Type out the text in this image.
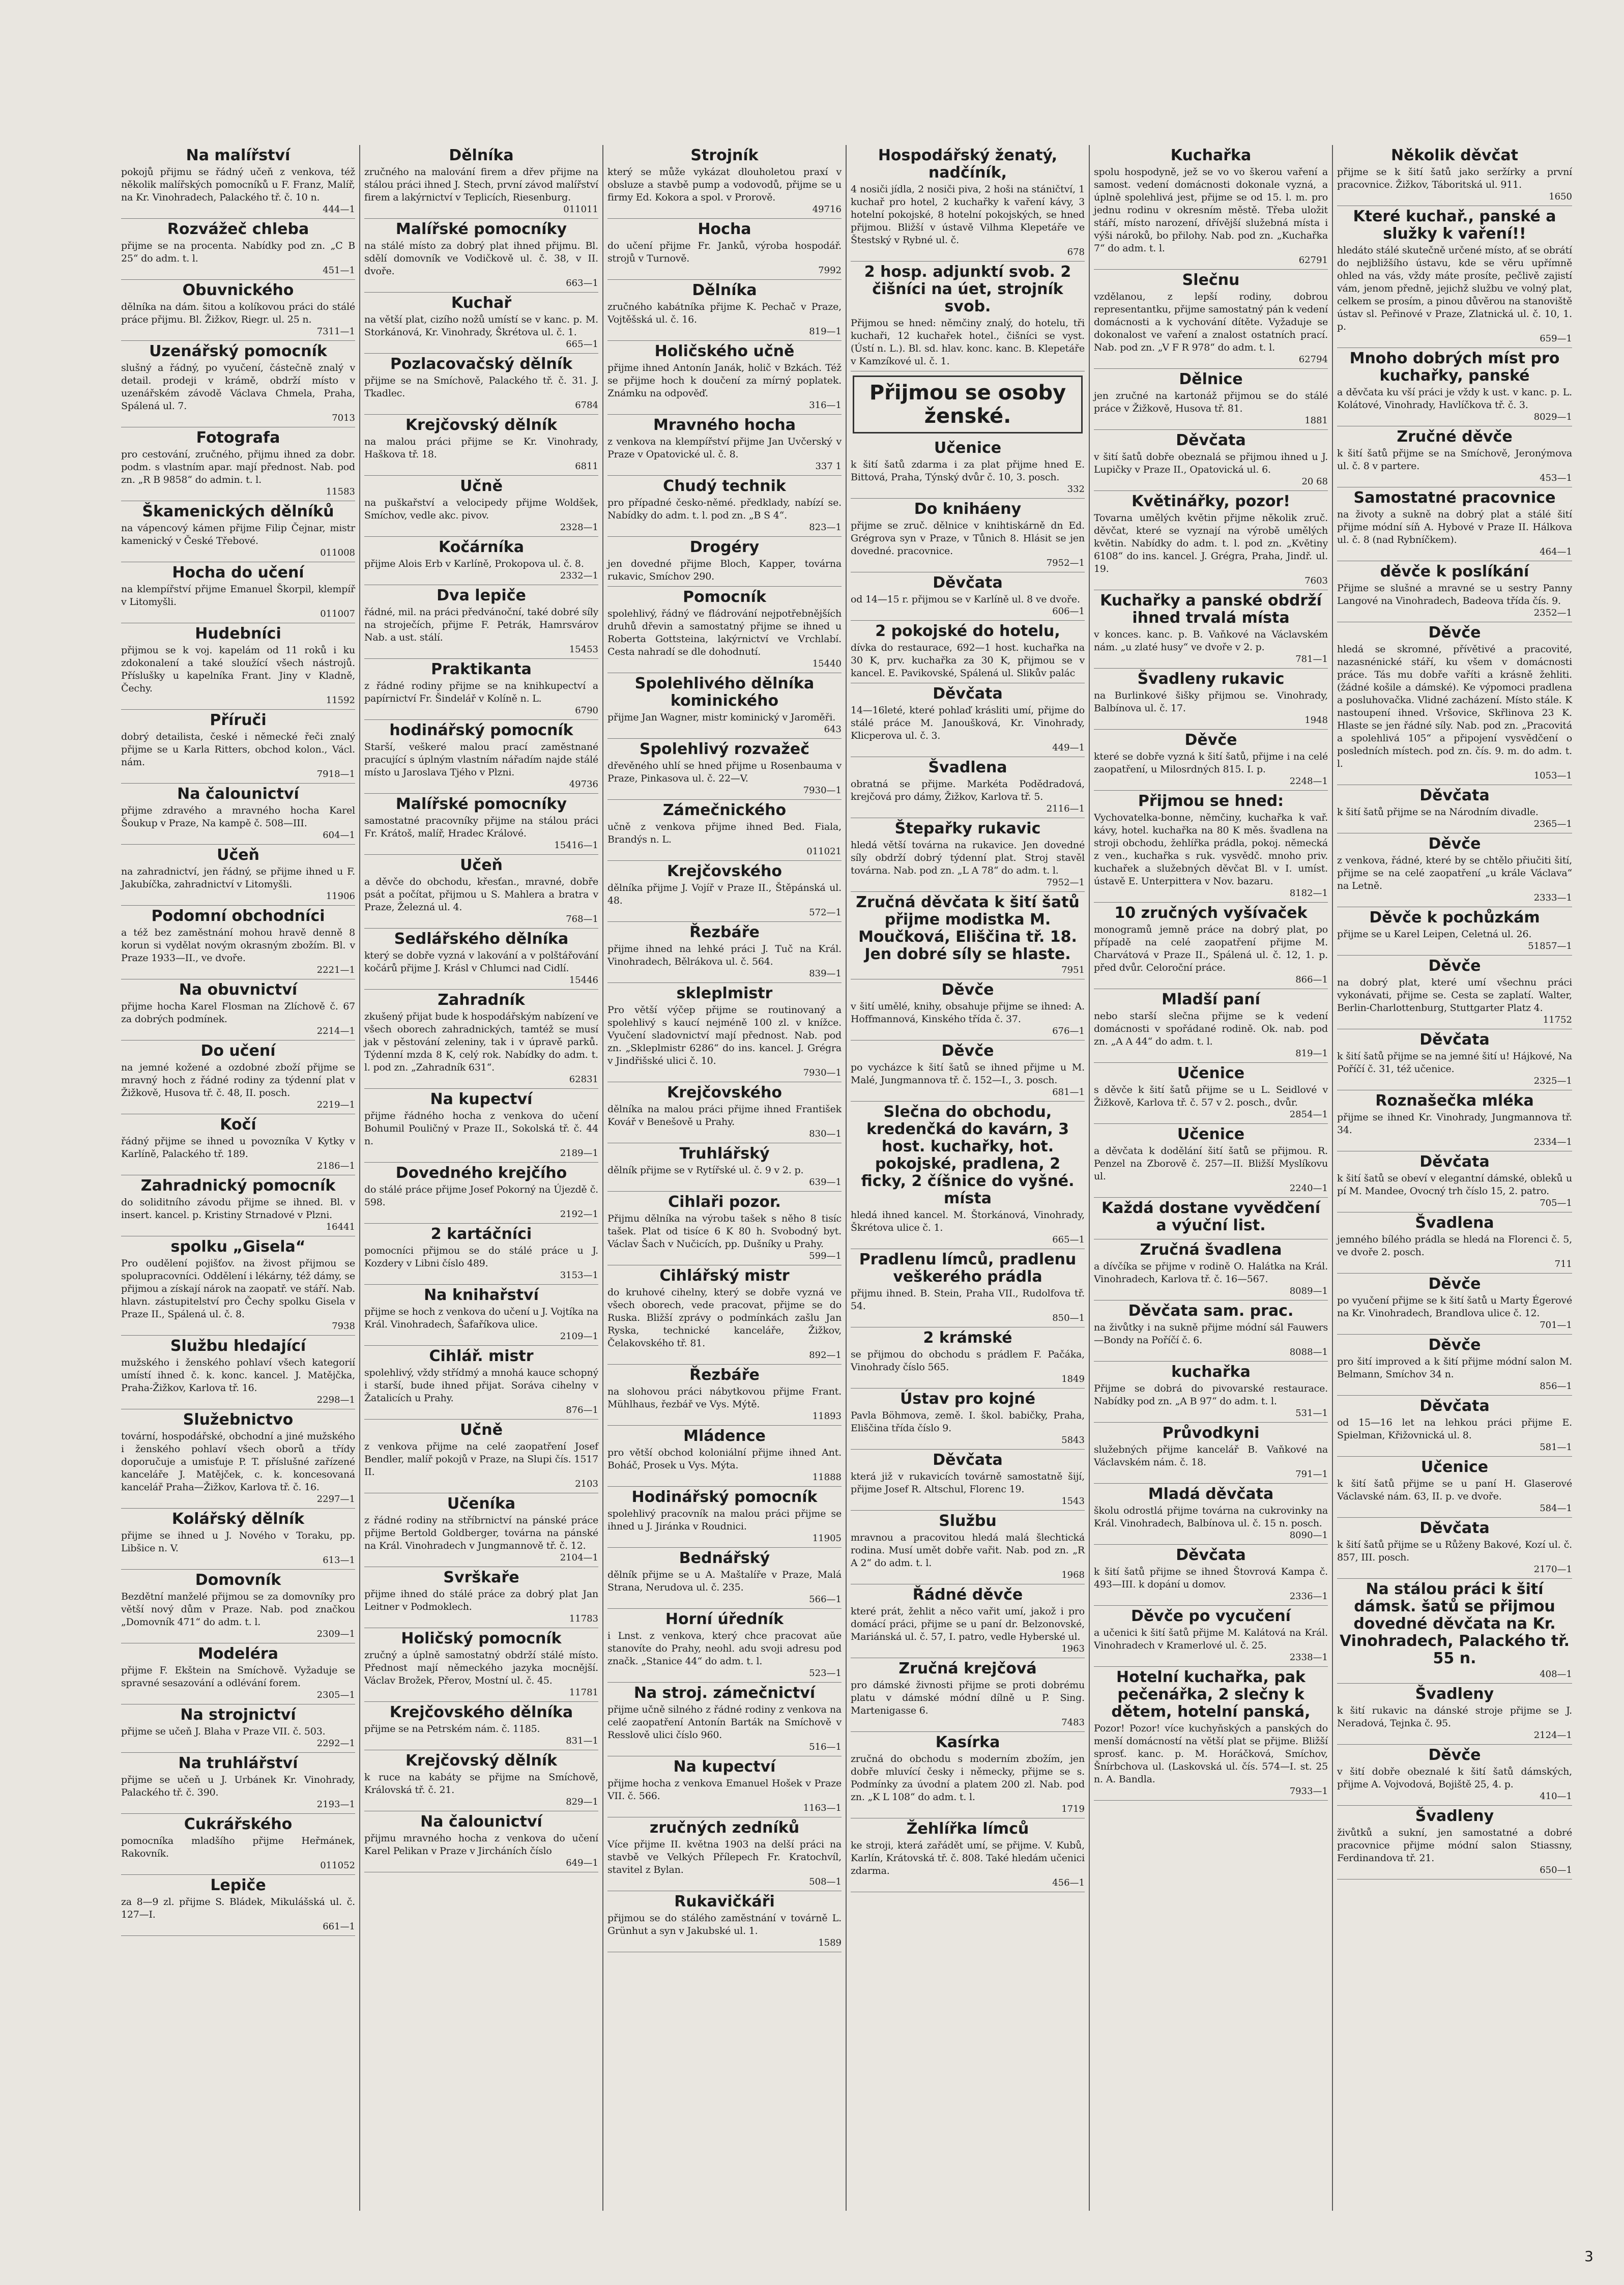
Na malířství

pokojů přijmu se řádný učeň z venkova, též několik malířských pomocníků u F. Franz, Malíř, na Kr. Vinohradech, Palackého tř. č. 10 n.

444—1

Rozvážeč chleba

přijme se na procenta. Nabídky pod zn. „C B 25“ do adm. t. l.

451—1

Obuvnického

dělníka na dám. šitou a kolíkovou práci do stálé práce přijmu. Bl. Žižkov, Riegr. ul. 25 n.

7311—1

Uzenářský pomocník

slušný a řádný, po vyučení, částečně znalý v detail. prodeji v krámě, obdrží místo v uzenářském závodě Václava Chmela, Praha, Spálená ul. 7.

7013

Fotografa

pro cestování, zručného, přijmu ihned za dobr. podm. s vlastním apar. mají přednost. Nab. pod zn. „R B 9858“ do admin. t. l.

11583

Škamenických dělníků

na vápencový kámen přijme Filip Čejnar, mistr kamenický v České Třebové.

011008

Hocha do učení

na klempířství přijme Emanuel Škorpil, klempíř v Litomyšli.

011007

Hudebníci

přijmou se k voj. kapelám od 11 roků i ku zdokonalení a také sloužící všech nástrojů. Příslušky u kapelníka Frant. Jiny v Kladně, Čechy.

11592

Příruči

dobrý detailista, české i německé řeči znalý přijme se u Karla Ritters, obchod kolon., Václ. nám.

7918—1

Na čalounictví

přijme zdravého a mravného hocha Karel Šoukup v Praze, Na kampě č. 508—III.

604—1

Učeň

na zahradnictví, jen řádný, se přijme ihned u F. Jakubíčka, zahradnictví v Litomyšli.

11906

Podomní obchodníci

a též bez zaměstnání mohou hravě denně 8 korun si vydělat novým okrasným zbožím. Bl. v Praze 1933—II., ve dvoře.

2221—1

Na obuvnictví

přijme hocha Karel Flosman na Zlíchově č. 67 za dobrých podmínek.

2214—1

Do učení

na jemné kožené a ozdobné zboží přijme se mravný hoch z řádné rodiny za týdenní plat v Žižkově, Husova tř. č. 48, II. posch.

2219—1

Kočí

řádný přijme se ihned u povozníka V Kytky v Karlíně, Palackého tř. 189.

2186—1

Zahradnický pomocník

do soliditního závodu přijme se ihned. Bl. v insert. kancel. p. Kristiny Strnadové v Plzni.

16441

spolku „Gisela“

Pro oudělení pojišťov. na živost přijmou se spolupracovníci. Oddělení i lékárny, též dámy, se přijmou a získají nárok na zaopatř. ve stáří. Nab. hlavn. zástupitelství pro Čechy spolku Gisela v Praze II., Spálená ul. č. 8.

7938

Službu hledající

mužského i ženského pohlaví všech kategorií umístí ihned č. k. konc. kancel. J. Matějčka, Praha-Žižkov, Karlova tř. 16.

2298—1

Služebnictvo

tovární, hospodářské, obchodní a jiné mužského i ženského pohlaví všech oborů a třídy doporučuje a umisťuje P. T. příslušné zařízené kanceláře J. Matějček, c. k. koncesovaná kancelář Praha—Žižkov, Karlova tř. č. 16.

2297—1

Kolářský dělník

přijme se ihned u J. Nového v Toraku, pp. Libšice n. V.

613—1

Domovník

Bezdětní manželé přijmou se za domovníky pro větší nový dům v Praze. Nab. pod značkou „Domovník 471“ do adm. t. l.

2309—1

Modeléra

přijme F. Ekštein na Smíchově. Vyžaduje se spravné sesazování a odlévání forem.

2305—1

Na strojnictví

přijme se učeň J. Blaha v Praze VII. č. 503.

2292—1

Na truhlářství

přijme se učeň u J. Urbánek Kr. Vinohrady, Palackého tř. č. 390.

2193—1

Cukrářského

pomocníka mladšího přijme Heřmánek, Rakovník.

011052

Lepiče

za 8—9 zl. přijme S. Bládek, Mikulášská ul. č. 127—I.

661—1

Dělníka

zručného na malování firem a dřev přijme na stálou práci ihned J. Stech, první závod malířství firem a lakýrnictví v Teplicích, Riesenburg.

011011

Malířské pomocníky

na stálé místo za dobrý plat ihned přijmu. Bl. sdělí domovník ve Vodičkově ul. č. 38, v II. dvoře.

663—1

Kuchař

na větší plat, cizího nožů umístí se v kanc. p. M. Storkánová, Kr. Vinohrady, Škrétova ul. č. 1.

665—1

Pozlacovačský dělník

přijme se na Smíchově, Palackého tř. č. 31. J. Tkadlec.

6784

Krejčovský dělník

na malou práci přijme se Kr. Vinohrady, Haškova tř. 18.

6811

Učně

na puškařství a velocipedy přijme Woldšek, Smíchov, vedle akc. pivov.

2328—1

Kočárníka

přijme Alois Erb v Karlíně, Prokopova ul. č. 8.

2332—1

Dva lepiče

řádné, mil. na práci předvánoční, také dobré síly na stroječích, přijme F. Petrák, Hamrsvárov Nab. a ust. stálí.

15453

Praktikanta

z řádné rodiny přijme se na knihkupectví a papírnictví Fr. Šindelář v Kolíně n. L.

6790

hodinářský pomocník

Starší, veškeré malou prací zaměstnané pracující s úplným vlastním nářadím najde stálé místo u Jaroslava Tjého v Plzni.

49736

Malířské pomocníky

samostatné pracovníky přijme na stálou práci Fr. Krátoš, malíř, Hradec Králové.

15416—1

Učeň

a děvče do obchodu, křesťan., mravné, dobře psát a počítat, přijmou u S. Mahlera a bratra v Praze, Železná ul. 4.

768—1

Sedlářského dělníka

který se dobře vyzná v lakování a v polštářování kočárů přijme J. Krásl v Chlumci nad Cidlí.

15446

Zahradník

zkušený přijat bude k hospodářským nabízení ve všech oborech zahradnických, tamtéž se musí jak v pěstování zeleniny, tak i v úpravě parků. Týdenní mzda 8 K, celý rok. Nabídky do adm. t. l. pod zn. „Zahradník 631“.

62831

Na kupectví

přijme řádného hocha z venkova do učení Bohumil Pouličný v Praze II., Sokolská tř. č. 44 n.

2189—1

Dovedného krejčího

do stálé práce přijme Josef Pokorný na Újezdě č. 598.

2192—1

2 kartáčníci

pomocníci přijmou se do stálé práce u J. Kozdery v Libni číslo 489.

3153—1

Na knihařství

přijme se hoch z venkova do učení u J. Vojtíka na Král. Vinohradech, Šafaříkova ulice.

2109—1

Cihlář. mistr

spolehlivý, vždy střídmý a mnohá kauce schopný i starší, bude ihned přijat. Soráva cihelny v Žatalicích u Prahy.

876—1

Učně

z venkova přijme na celé zaopatření Josef Bendler, malíř pokojů v Praze, na Slupi čís. 1517 II.

2103

Učeníka

z řádné rodiny na stříbrnictví na pánské práce přijme Bertold Goldberger, továrna na pánské na Král. Vinohradech v Jungmannově tř. č. 12.

2104—1

Svrškaře

přijme ihned do stálé práce za dobrý plat Jan Leitner v Podmoklech.

11783

Holičský pomocník

zručný a úplně samostatný obdrží stálé místo. Přednost mají německého jazyka mocnější. Václav Brožek, Přerov, Mostní ul. č. 45.

11781

Krejčovského dělníka

přijme se na Petrském nám. č. 1185.

831—1

Krejčovský dělník

k ruce na kabáty se přijme na Smíchově, Královská tř. č. 21.

829—1

Na čalounictví

přijmu mravného hocha z venkova do učení Karel Pelikan v Praze v Jircháních číslo

649—1

Strojník

který se může vykázat dlouholetou praxí v obsluze a stavbě pump a vodovodů, přijme se u firmy Ed. Kokora a spol. v Prorově.

49716

Hocha

do učení přijme Fr. Janků, výroba hospodář. strojů v Turnově.

7992

Dělníka

zručného kabátníka přijme K. Pechač v Praze, Vojtěšská ul. č. 16.

819—1

Holičského učně

přijme ihned Antonín Janák, holič v Bzkách. Též se přijme hoch k doučení za mírný poplatek. Známku na odpověď.

316—1

Mravného hocha

z venkova na klempířství přijme Jan Uvčerský v Praze v Opatovické ul. č. 8.

337 1

Chudý technik

pro případné česko-němé. předklady, nabízí se. Nabídky do adm. t. l. pod zn. „B S 4“.

823—1

Drogéry

jen dovedné přijme Bloch, Kapper, továrna rukavic, Smíchov 290.

Pomocník

spolehlivý, řádný ve fládrování nejpotřebnějších druhů dřevin a samostatný přijme se ihned u Roberta Gottsteina, lakýrnictví ve Vrchlabí. Cesta nahradí se dle dohodnutí.

15440

Spolehlivého dělníka kominického

přijme Jan Wagner, mistr kominický v Jaroměři.

643

Spolehlivý rozvažeč

dřevěného uhlí se hned přijme u Rosenbauma v Praze, Pinkasova ul. č. 22—V.

7930—1

Zámečnického

učně z venkova přijme ihned Bed. Fiala, Brandýs n. L.

011021

Krejčovského

dělníka přijme J. Vojíř v Praze II., Štěpánská ul. 48.

572—1

Řezbáře

přijme ihned na lehké práci J. Tuč na Král. Vinohradech, Bělrákova ul. č. 564.

839—1

skleplmistr

Pro větší výčep přijme se routinovaný a spolehlivý s kaucí nejméně 100 zl. v knížce. Vyučení sladovnictví mají přednost. Nab. pod zn. „Skleplmistr 6286“ do ins. kancel. J. Grégra v Jindřišské ulici č. 10.

7930—1

Krejčovského

dělníka na malou práci přijme ihned František Kovář v Benešově u Prahy.

830—1

Truhlářský

dělník přijme se v Rytířské ul. č. 9 v 2. p.

639—1

Cihlaři pozor.

Přijmu dělníka na výrobu tašek s něho 8 tisíc tašek. Plat od tisíce 6 K 80 h. Svobodný byt. Václav Šach v Nučicích, pp. Dušníky u Prahy.

599—1

Cihlářský mistr

do kruhové cihelny, který se dobře vyzná ve všech oborech, vede pracovat, přijme se do Ruska. Bližší zprávy o podmínkách zašlu Jan Ryska, technické kanceláře, Žižkov, Čelakovského tř. 81.

892—1

Řezbáře

na slohovou práci nábytkovou přijme Frant. Mühlhaus, řezbář ve Vys. Mýtě.

11893

Mládence

pro větší obchod koloniální přijme ihned Ant. Boháč, Prosek u Vys. Mýta.

11888

Hodinářský pomocník

spolehlivý pracovník na malou práci přijme se ihned u J. Jiránka v Roudnici.

11905

Bednářský

dělník přijme se u A. Maštalíře v Praze, Malá Strana, Nerudova ul. č. 235.

566—1

Horní úředník

i Lnst. z venkova, který chce pracovat aŭe stanovíte do Prahy, neohl. adu svoji adresu pod značk. „Stanice 44“ do adm. t. l.

523—1

Na stroj. zámečnictví

přijme učně silného z řádné rodiny z venkova na celé zaopatření Antonín Barták na Smíchově v Resslově ulici číslo 960.

516—1

Na kupectví

přijme hocha z venkova Emanuel Hošek v Praze VII. č. 566.

1163—1

zručných zedníků

Více přijme II. května 1903 na delší práci na stavbě ve Velkých Přílepech Fr. Kratochvíl, stavitel z Bylan.

508—1

Rukavičkáři

přijmou se do stálého zaměstnání v továrně L. Grünhut a syn v Jakubské ul. 1.

1589

Hospodářský ženatý, nadčíník,

4 nosiči jídla, 2 nosiči piva, 2 hoši na stáničtví, 1 kuchař pro hotel, 2 kuchařky k vaření kávy, 3 hotelní pokojské, 8 hotelní pokojských, se hned přijmou. Bližší v ústavě Vilhma Klepetáře ve Štestský v Rybné ul. č.

678

2 hosp. adjunktí svob. 2 čišníci na úet, strojník svob.

Přijmou se hned: němčiny znalý, do hotelu, tři kuchaři, 12 kuchařek hotel., čišníci se vyst. (Ústí n. L.). Bl. sd. hlav. konc. kanc. B. Klepetáře v Kamzíkové ul. č. 1.

Přijmou se osoby ženské.
Učenice

k šití šatů zdarma i za plat přijme hned E. Bittová, Praha, Týnský dvůr č. 10, 3. posch.

332

Do kniháeny

přijme se zruč. dělnice v knihtiskárně dn Ed. Grégrova syn v Praze, v Tůnich 8. Hlásit se jen dovedné. pracovnice.

7952—1

Děvčata

od 14—15 r. přijmou se v Karlíně ul. 8 ve dvoře.

606—1

2 pokojské do hotelu,

dívka do restaurace, 692—1 host. kuchařka na 30 K, prv. kuchařka za 30 K, přijmou se v kancel. E. Pavikovské, Spálená ul. Slikův palác

Děvčata

14—16leté, které pohlaď krásliti umí, přijme do stálé práce M. Janoušková, Kr. Vinohrady, Klicperova ul. č. 3.

449—1

Švadlena

obratná se přijme. Markéta Podědradová, krejčová pro dámy, Žižkov, Karlova tř. 5.

2116—1

Štepařky rukavic

hledá větší továrna na rukavice. Jen dovedné síly obdrží dobrý týdenní plat. Stroj stavěl továrna. Nab. pod zn. „L A 78“ do adm. t. l.

7952—1

Zručná děvčata k šití šatů přijme modistka M. Moučková, Eliščina tř. 18. Jen dobré síly se hlaste.

7951

Děvče

v šití umělé, knihy, obsahuje přijme se ihned: A. Hoffmannová, Kinského třída č. 37.

676—1

Děvče

po vycházce k šití šatů se ihned přijme u M. Malé, Jungmannova tř. č. 152—I., 3. posch.

681—1

Slečna do obchodu, kredenčká do kavárn, 3 host. kuchařky, hot. pokojské, pradlena, 2 ficky, 2 číšnice do vyšné. místa

hledá ihned kancel. M. Štorkánová, Vinohrady, Škrétova ulice č. 1.

665—1

Pradlenu límců, pradlenu veškerého prádla

přijmu ihned. B. Stein, Praha VII., Rudolfova tř. 54.

850—1

2 krámské

se přijmou do obchodu s prádlem F. Pačáka, Vinohrady číslo 565.

1849

Ústav pro kojné

Pavla Böhmova, země. I. škol. babičky, Praha, Eliščina třída číslo 9.

5843

Děvčata

která již v rukavicích továrně samostatně šijí, přijme Josef R. Altschul, Florenc 19.

1543

Službu

mravnou a pracovitou hledá malá šlechtická rodina. Musí umět dobře vařit. Nab. pod zn. „R A 2“ do adm. t. l.

1968

Řádné děvče

které prát, žehlit a něco vařit umí, jakož i pro domácí práci, přijme se u paní dr. Belzonovské, Mariánská ul. č. 57, I. patro, vedle Hyberské ul.

1963

Zručná krejčová

pro dámské živnosti přijme se proti dobrému platu v dámské módní dílně u P. Sing. Martenigasse 6.

7483

Kasírka

zručná do obchodu s moderním zbožím, jen dobře mluvící česky i německy, přijme se s. Podmínky za úvodní a platem 200 zl. Nab. pod zn. „K L 108“ do adm. t. l.

1719

Žehlířka límců

ke stroji, která zařádět umí, se přijme. V. Kubů, Karlín, Krátovská tř. č. 808. Také hledám učenici zdarma.

456—1

Kuchařka

spolu hospodyně, jež se vo vo škerou vaření a samost. vedení domácnosti dokonale vyzná, a úplně spolehlivá jest, přijme se od 15. l. m. pro jednu rodinu v okresním městě. Třeba uložit stáří, místo narození, dřívější služebná místa i výši nároků, bo přilohy. Nab. pod zn. „Kuchařka 7“ do adm. t. l.

62791

Slečnu

vzdělanou, z lepší rodiny, dobrou representantku, přijme samostatný pán k vedení domácnosti a k vychování dítěte. Vyžaduje se dokonalost ve vaření a znalost ostatních prací. Nab. pod zn. „V F R 978“ do adm. t. l.

62794

Dělnice

jen zručné na kartonáž přijmou se do stálé práce v Žižkově, Husova tř. 81.

1881

Děvčata

v šití šatů dobře obeznalá se přijmou ihned u J. Lupičky v Praze II., Opatovická ul. 6.

20 68

Květinářky, pozor!

Tovarna umělých květin přijme několik zruč. děvčat, které se vyznají na výrobě umělých květin. Nabídky do adm. t. l. pod zn. „Květiny 6108“ do ins. kancel. J. Grégra, Praha, Jindř. ul. 19.

7603

Kuchařky a panské obdrží ihned trvalá místa

v konces. kanc. p. B. Vaňkové na Václavském nám. „u zlaté husy“ ve dvoře v 2. p.

781—1

Švadleny rukavic

na Burlinkové šišky přijmou se. Vinohrady, Balbínova ul. č. 17.

1948

Děvče

které se dobře vyzná k šití šatů, přijme i na celé zaopatření, u Milosrdných 815. I. p.

2248—1

Přijmou se hned:

Vychovatelka-bonne, němčiny, kuchařka k vař. kávy, hotel. kuchařka na 80 K měs. švadlena na stroji obchodu, žehlířka prádla, pokoj. německá z ven., kuchařka s ruk. vysvědč. mnoho priv. kuchařek a služebných děvčat Bl. v I. umíst. ústavě E. Unterpittera v Nov. bazaru.

8182—1

10 zručných vyšívaček

monogramů jemně práce na dobrý plat, po případě na celé zaopatření přijme M. Charvátová v Praze II., Spálená ul. č. 12, 1. p. před dvůr. Celoroční práce.

866—1

Mladší paní

nebo starší slečna přijme se k vedení domácnosti v spořádané rodině. Ok. nab. pod zn. „A A 44“ do adm. t. l.

819—1

Učenice

s děvče k šití šatů přijme se u L. Seidlové v Žižkově, Karlova tř. č. 57 v 2. posch., dvůr.

2854—1

Učenice

a děvčata k dodělání šití šatů se přijmou. R. Penzel na Zborově č. 257—II. Bližší Myslíkovu ul.

2240—1

Každá dostane vyvědčení a výuční list.

Zručná švadlena

a dívčíka se přijme v rodině O. Halátka na Král. Vinohradech, Karlova tř. č. 16—567.

8089—1

Děvčata sam. prac.

na živůtky i na sukně přijme módní sál Fauwers—Bondy na Poříčí č. 6.

8088—1

kuchařka

Přijme se dobrá do pivovarské restaurace. Nabídky pod zn. „A B 97“ do adm. t. l.

531—1

Průvodkyni

služebných přijme kancelář B. Vaňkové na Václavském nám. č. 18.

791—1

Mladá děvčata

školu odrostlá přijme továrna na cukrovinky na Král. Vinohradech, Balbínova ul. č. 15 n. posch.

8090—1

Děvčata

k šití šatů přijme se ihned Štovrová Kampa č. 493—III. k dopání u domov.

2336—1

Děvče po vycučení

a učenici k šití šatů přijme M. Kalátová na Král. Vinohradech v Kramerlové ul. č. 25.

2338—1

Hotelní kuchařka, pak pečenářka, 2 slečny k dětem, hotelní panská,

Pozor! Pozor! více kuchyňských a panských do menší domácností na větší plat se přijme. Bližší sprosť. kanc. p. M. Horáčková, Smíchov, Šnírbchova ul. (Laskovská ul. čís. 574—I. st. 25 n. A. Bandla.

7933—1

Několik děvčat

přijme se k šití šatů jako seržírky a první pracovnice. Žižkov, Táboritská ul. 911.

1650

Které kuchař., panské a služky k vaření!!

hledáto stálé skutečně určené místo, ať se obrátí do nejbližšího ústavu, kde se věru upřímně ohled na vás, vždy máte prosíte, pečlivě zajistí vám, jenom předně, jejichž službu ve volný plat, celkem se prosím, a pinou důvěrou na stanoviště ústav sl. Peřinové v Praze, Zlatnická ul. č. 10, 1. p.

659—1

Mnoho dobrých míst pro kuchařky, panské

a děvčata ku vší práci je vždy k ust. v kanc. p. L. Kolátové, Vinohrady, Havlíčkova tř. č. 3.

8029—1

Zručné děvče

k šití šatů přijme se na Smíchově, Jeronýmova ul. č. 8 v partere.

453—1

Samostatné pracovnice

na životy a sukně na dobrý plat a stálé šití přijme módní síň A. Hybové v Praze II. Hálkova ul. č. 8 (nad Rybníčkem).

464—1

děvče k poslíkání

Přijme se slušné a mravné se u sestry Panny Langové na Vinohradech, Badeova třída čís. 9.

2352—1

Děvče

hledá se skromné, přívětivé a pracovité, nazasnénické stáří, ku všem v domácnosti práce. Tás mu dobře vaříti a krásně žehliti. (žádné košile a dámské). Ke výpomoci pradlena a posluhovačka. Vlidné zacházení. Místo stále. K nastoupení ihned. Vršovice, Skřlinova 23 K. Hlaste se jen řádné síly. Nab. pod zn. „Pracovitá a spolehlivá 105“ a připojení vysvědčení o posledních místech. pod zn. čís. 9. m. do adm. t. l.

1053—1

Děvčata

k šití šatů přijme se na Národním divadle.

2365—1

Děvče

z venkova, řádné, které by se chtělo přiučiti šití, přijme se na celé zaopatření „u krále Václava“ na Letně.

2333—1

Děvče k pochůzkám

přijme se u Karel Leipen, Celetná ul. 26.

51857—1

Děvče

na dobrý plat, které umí všechnu práci vykonávati, přijme se. Cesta se zaplatí. Walter, Berlin-Charlottenburg, Stuttgarter Platz 4.

11752

Děvčata

k šití šatů přijme se na jemné šití u! Hájkové, Na Poříčí č. 31, též učenice.

2325—1

Roznašečka mléka

přijme se ihned Kr. Vinohrady, Jungmannova tř. 34.

2334—1

Děvčata

k šití šatů se obeví v elegantní dámské, obleků u pí M. Mandee, Ovocný trh číslo 15, 2. patro.

705—1

Švadlena

jemného bílého prádla se hledá na Florenci č. 5, ve dvoře 2. posch.

711

Děvče

po vyučení přijme se k šití šatů u Marty Égerové na Kr. Vinohradech, Brandlova ulice č. 12.

701—1

Děvče

pro šití improved a k šití přijme módní salon M. Belmann, Smíchov 34 n.

856—1

Děvčata

od 15—16 let na lehkou práci přijme E. Spielman, Křižovnická ul. 8.

581—1

Učenice

k šití šatů přijme se u paní H. Glaserové Václavské nám. 63, II. p. ve dvoře.

584—1

Děvčata

k šití šatů přijme se u Růženy Bakové, Kozí ul. č. 857, III. posch.

2170—1

Na stálou práci k šití dámsk. šatů se přijmou dovedné děvčata na Kr. Vinohradech, Palackého tř. 55 n.

408—1

Švadleny

k šití rukavic na dánské stroje přijme se J. Neradová, Tejnka č. 95.

2124—1

Děvče

v šití dobře obeznalé k šití šatů dámských, přijme A. Vojvodová, Bojiště 25, 4. p.

410—1

Švadleny

živůtků a sukní, jen samostatné a dobré pracovnice přijme módní salon Stiassny, Ferdinandova tř. 21.

650—1

3
